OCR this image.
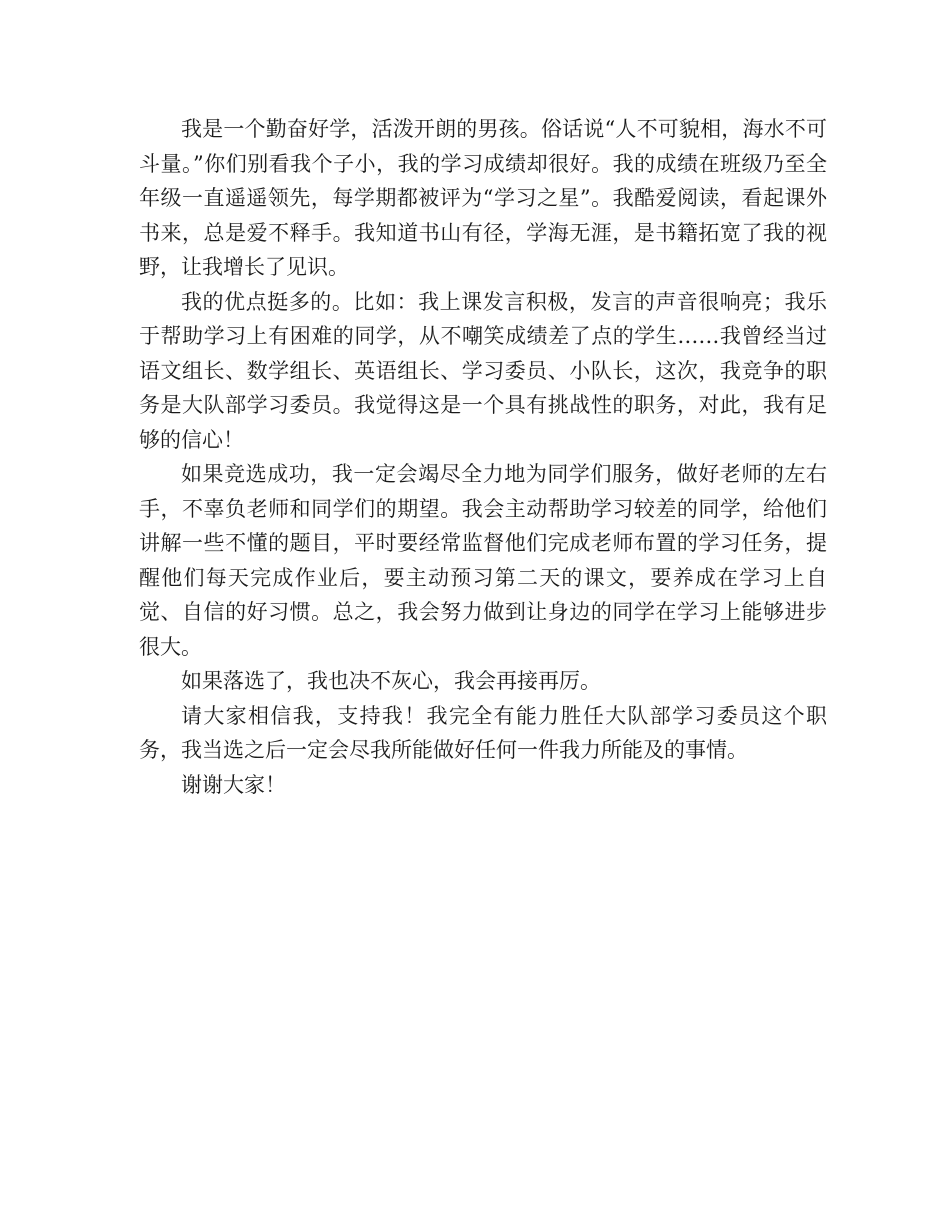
我是一个勤奋好学，活泼开朗的男孩。俗话说“人不可貌相，海水不可斗量。”你们别看我个子小，我的学习成绩却很好。我的成绩在班级乃至全年级一直遥遥领先，每学期都被评为“学习之星”。我酷爱阅读，看起课外书来，总是爱不释手。我知道书山有径，学海无涯，是书籍拓宽了我的视野，让我增长了见识。

我的优点挺多的。比如：我上课发言积极，发言的声音很响亮；我乐于帮助学习上有困难的同学，从不嘲笑成绩差了点的学生……我曾经当过语文组长、数学组长、英语组长、学习委员、小队长，这次，我竞争的职务是大队部学习委员。我觉得这是一个具有挑战性的职务，对此，我有足够的信心！

如果竞选成功，我一定会竭尽全力地为同学们服务，做好老师的左右手，不辜负老师和同学们的期望。我会主动帮助学习较差的同学，给他们讲解一些不懂的题目，平时要经常监督他们完成老师布置的学习任务，提醒他们每天完成作业后，要主动预习第二天的课文，要养成在学习上自觉、自信的好习惯。总之，我会努力做到让身边的同学在学习上能够进步很大。

如果落选了，我也决不灰心，我会再接再厉。

请大家相信我，支持我！我完全有能力胜任大队部学习委员这个职务，我当选之后一定会尽我所能做好任何一件我力所能及的事情。

谢谢大家！
